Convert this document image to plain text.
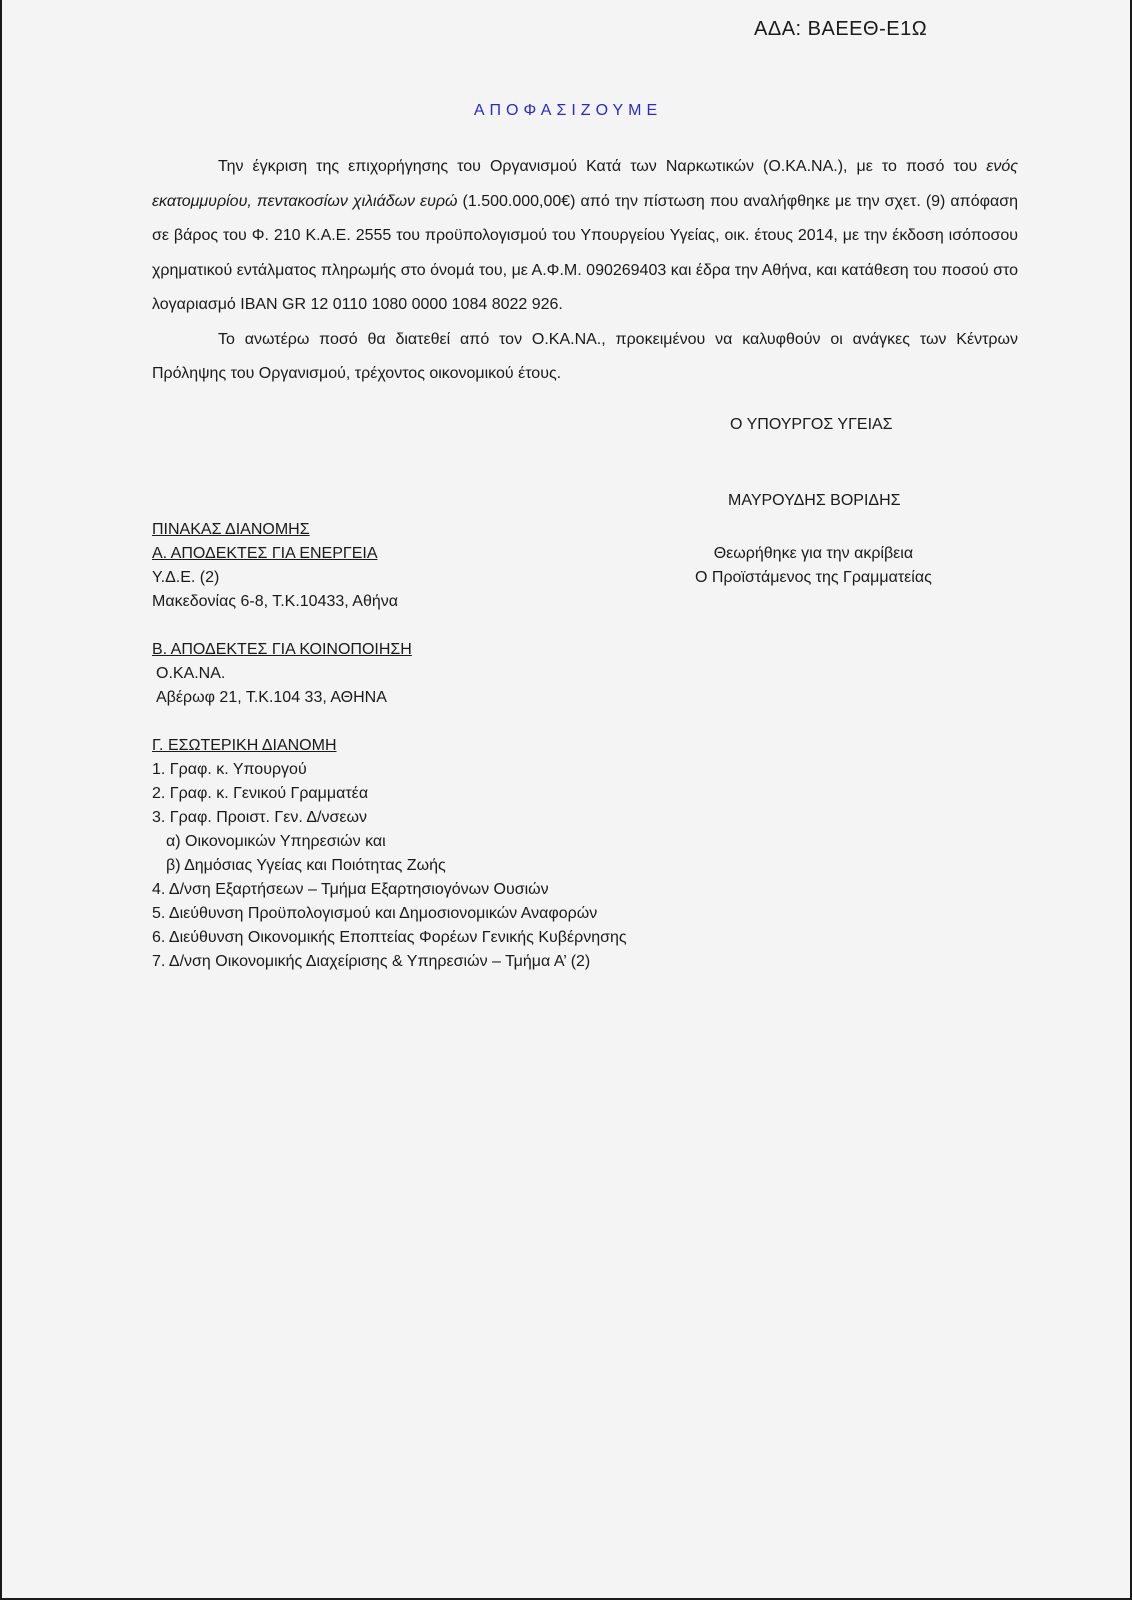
ΑΔΑ: ΒΑΕΕΘ-Ε1Ω
ΑΠΟΦΑΣΙΖΟΥΜΕ

Την έγκριση της επιχορήγησης του Οργανισμού Κατά των Ναρκωτικών (Ο.ΚΑ.ΝΑ.), με το ποσό του ενός εκατομμυρίου, πεντακοσίων χιλιάδων ευρώ (1.500.000,00€) από την πίστωση που αναλήφθηκε με την σχετ. (9) απόφαση σε βάρος του Φ. 210 Κ.Α.Ε. 2555 του προϋπολογισμού του Υπουργείου Υγείας, οικ. έτους 2014, με την έκδοση ισόποσου χρηματικού εντάλματος πληρωμής στο όνομά του, με Α.Φ.Μ. 090269403 και έδρα την Αθήνα, και κατάθεση του ποσού στο λογαριασμό IBAN GR 12 0110 1080 0000 1084 8022 926.

Το ανωτέρω ποσό θα διατεθεί από τον Ο.ΚΑ.ΝΑ., προκειμένου να καλυφθούν οι ανάγκες των Κέντρων Πρόληψης του Οργανισμού, τρέχοντος οικονομικού έτους.

Ο ΥΠΟΥΡΓΟΣ ΥΓΕΙΑΣ
ΜΑΥΡΟΥΔΗΣ ΒΟΡΙΔΗΣ
Θεωρήθηκε για την ακρίβεια
Ο Προϊστάμενος της Γραμματείας
ΠΙΝΑΚΑΣ ΔΙΑΝΟΜΗΣ
Α. ΑΠΟΔΕΚΤΕΣ ΓΙΑ ΕΝΕΡΓΕΙΑ
Υ.Δ.Ε. (2)
Μακεδονίας 6-8, Τ.Κ.10433, Αθήνα
Β. ΑΠΟΔΕΚΤΕΣ ΓΙΑ ΚΟΙΝΟΠΟΙΗΣΗ
Ο.ΚΑ.ΝΑ.
Αβέρωφ 21, Τ.Κ.104 33, ΑΘΗΝΑ
Γ. ΕΣΩΤΕΡΙΚΗ ΔΙΑΝΟΜΗ
1. Γραφ. κ. Υπουργού
2. Γραφ. κ. Γενικού Γραμματέα
3. Γραφ. Προιστ. Γεν. Δ/νσεων
α) Οικονομικών Υπηρεσιών και
β) Δημόσιας Υγείας και Ποιότητας Ζωής
4. Δ/νση Εξαρτήσεων – Τμήμα Εξαρτησιογόνων Ουσιών
5. Διεύθυνση Προϋπολογισμού και Δημοσιονομικών Αναφορών
6. Διεύθυνση Οικονομικής Εποπτείας Φορέων Γενικής Κυβέρνησης
7. Δ/νση Οικονομικής Διαχείρισης & Υπηρεσιών – Τμήμα Α’ (2)
